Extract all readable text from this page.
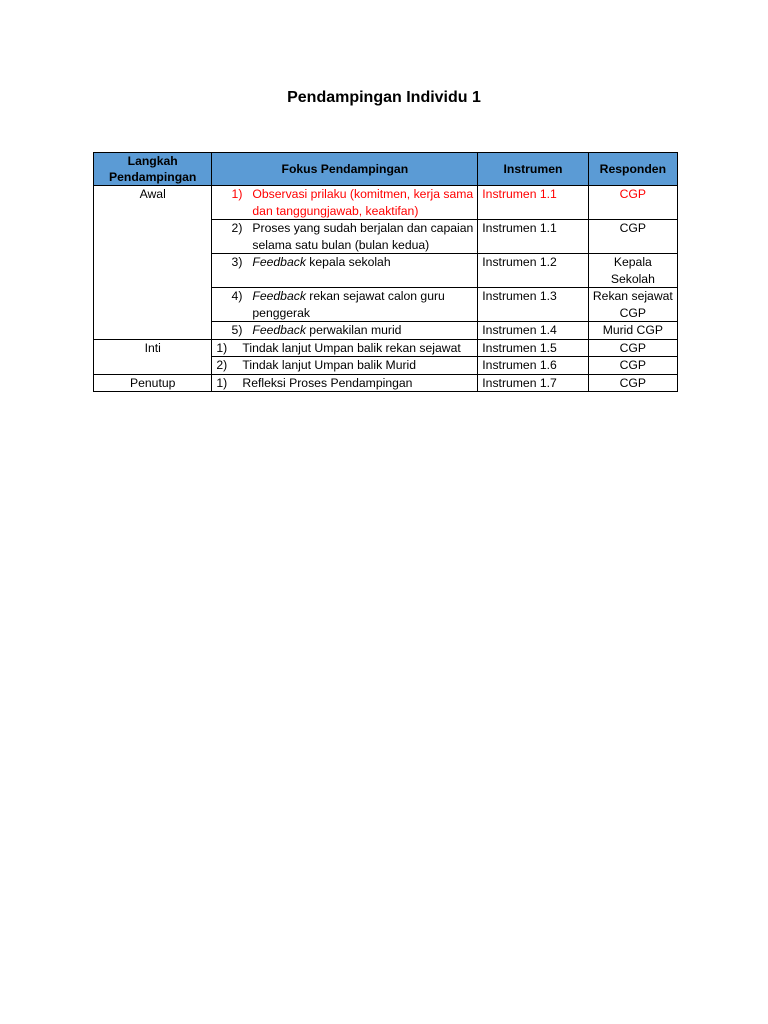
Pendampingan Individu 1
Langkah Pendampingan	Fokus Pendampingan	Instrumen	Responden
Awal	1) Observasi prilaku (komitmen, kerja sama dan tanggungjawab, keaktifan)	Instrumen 1.1	CGP

	2) Proses yang sudah berjalan dan capaian selama satu bulan (bulan kedua)	Instrumen 1.1	CGP

	3) Feedback kepala sekolah	Instrumen 1.2	Kepala Sekolah

	4) Feedback rekan sejawat calon guru penggerak	Instrumen 1.3	Rekan sejawat CGP

	5) Feedback perwakilan murid	Instrumen 1.4	Murid CGP
Inti	1) Tindak lanjut Umpan balik rekan sejawat	Instrumen 1.5	CGP

	2) Tindak lanjut Umpan balik Murid	Instrumen 1.6	CGP
Penutup	1) Refleksi Proses Pendampingan	Instrumen 1.7	CGP
